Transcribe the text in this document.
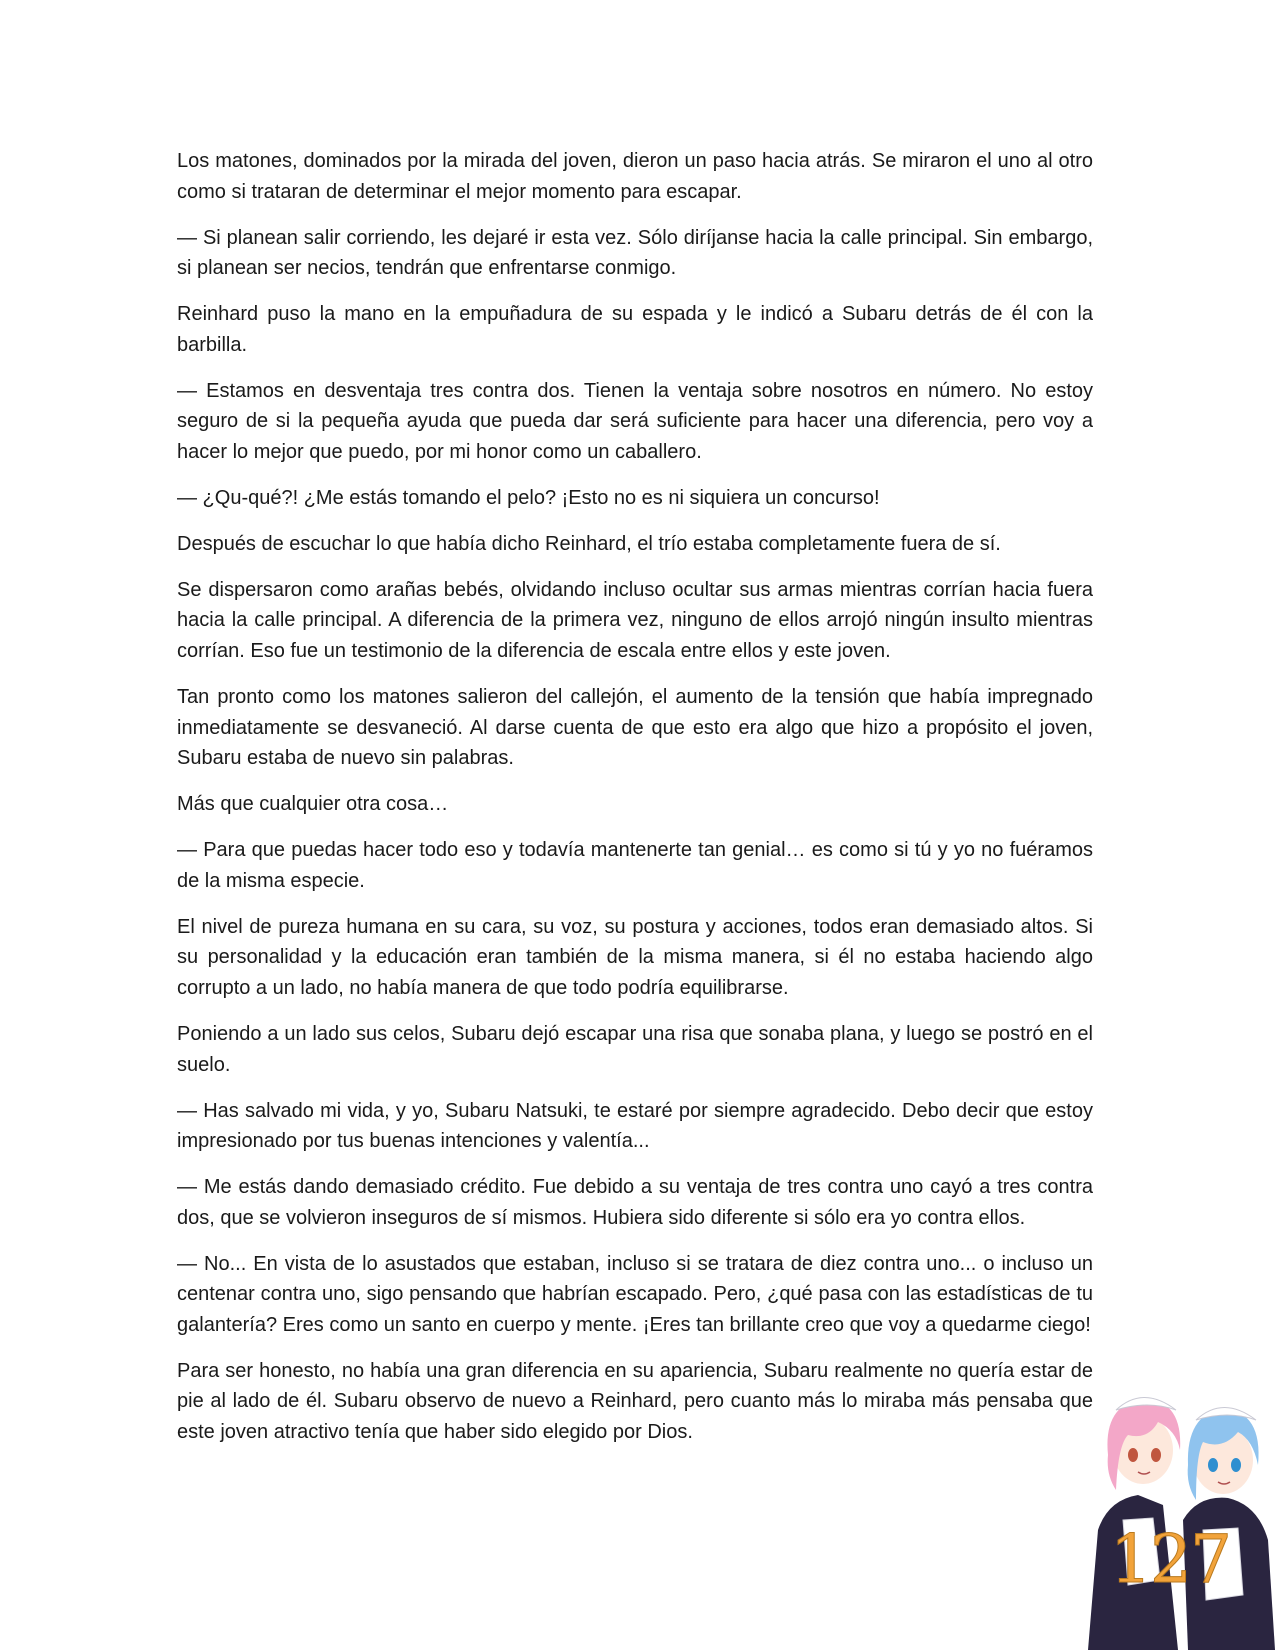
Los matones, dominados por la mirada del joven, dieron un paso hacia atrás. Se miraron el uno al otro como si trataran de determinar el mejor momento para escapar.

— Si planean salir corriendo, les dejaré ir esta vez. Sólo diríjanse hacia la calle principal. Sin embargo, si planean ser necios, tendrán que enfrentarse conmigo.

Reinhard puso la mano en la empuñadura de su espada y le indicó a Subaru detrás de él con la barbilla.

— Estamos en desventaja tres contra dos. Tienen la ventaja sobre nosotros en número. No estoy seguro de si la pequeña ayuda que pueda dar será suficiente para hacer una diferencia, pero voy a hacer lo mejor que puedo, por mi honor como un caballero.

— ¿Qu-qué?! ¿Me estás tomando el pelo? ¡Esto no es ni siquiera un concurso!

Después de escuchar lo que había dicho Reinhard, el trío estaba completamente fuera de sí.

Se dispersaron como arañas bebés, olvidando incluso ocultar sus armas mientras corrían hacia fuera hacia la calle principal. A diferencia de la primera vez, ninguno de ellos arrojó ningún insulto mientras corrían. Eso fue un testimonio de la diferencia de escala entre ellos y este joven.

Tan pronto como los matones salieron del callejón, el aumento de la tensión que había impregnado inmediatamente se desvaneció. Al darse cuenta de que esto era algo que hizo a propósito el joven, Subaru estaba de nuevo sin palabras.

Más que cualquier otra cosa…

— Para que puedas hacer todo eso y todavía mantenerte tan genial… es como si tú y yo no fuéramos de la misma especie.

El nivel de pureza humana en su cara, su voz, su postura y acciones, todos eran demasiado altos. Si su personalidad y la educación eran también de la misma manera, si él no estaba haciendo algo corrupto a un lado, no había manera de que todo podría equilibrarse.

Poniendo a un lado sus celos, Subaru dejó escapar una risa que sonaba plana, y luego se postró en el suelo.

— Has salvado mi vida, y yo, Subaru Natsuki, te estaré por siempre agradecido. Debo decir que estoy impresionado por tus buenas intenciones y valentía...

— Me estás dando demasiado crédito. Fue debido a su ventaja de tres contra uno cayó a tres contra dos, que se volvieron inseguros de sí mismos. Hubiera sido diferente si sólo era yo contra ellos.

— No... En vista de lo asustados que estaban, incluso si se tratara de diez contra uno... o incluso un centenar contra uno, sigo pensando que habrían escapado. Pero, ¿qué pasa con las estadísticas de tu galantería? Eres como un santo en cuerpo y mente. ¡Eres tan brillante creo que voy a quedarme ciego!

Para ser honesto, no había una gran diferencia en su apariencia, Subaru realmente no quería estar de pie al lado de él. Subaru observo de nuevo a Reinhard, pero cuanto más lo miraba más pensaba que este joven atractivo tenía que haber sido elegido por Dios.

127
